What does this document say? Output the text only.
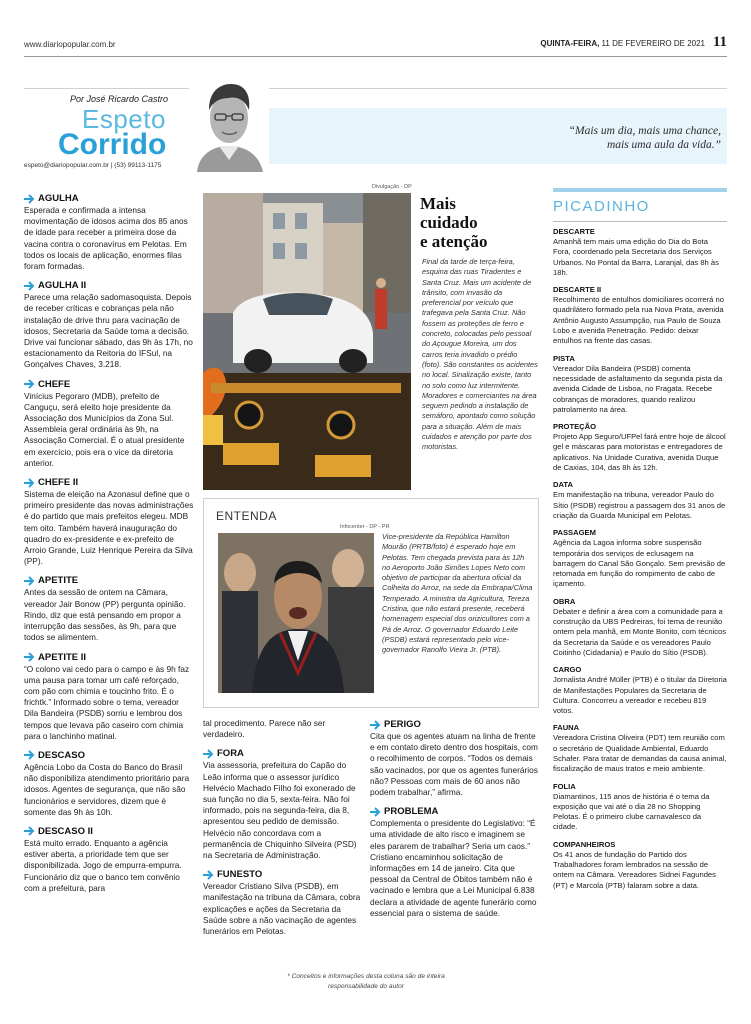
www.diariopopular.com.br	QUINTA-FEIRA, 11 DE FEVEREIRO DE 2021 11
Por José Ricardo Castro
Espeto
Corrido
espeto@diariopopular.com.br | (53) 99113-1175
“Mais um dia, mais uma chance,
mais uma aula da vida.”
AGULHA

Esperada e confirmada a intensa movimentação de idosos acima dos 85 anos de idade para receber a primeira dose da vacina contra o coronavírus em Pelotas. Em todos os locais de aplicação, enormes filas foram formadas.

AGULHA II

Parece uma relação sadomasoquista. Depois de receber críticas e cobranças pela não instalação de drive thru para vacinação de idosos, Secretaria da Saúde toma a decisão. Drive vai funcionar sábado, das 9h às 17h, no estacionamento da Reitoria do IFSul, na Gonçalves Chaves, 3.218.

CHEFE

Vinícius Pegoraro (MDB), prefeito de Canguçu, será eleito hoje presidente da Associação dos Municípios da Zona Sul. Assembleia geral ordinária às 9h, na Associação Comercial. É o atual presidente em exercício, pois era o vice da diretoria anterior.

CHEFE II

Sistema de eleição na Azonasul define que o primeiro presidente das novas administrações é do partido que mais prefeitos elegeu. MDB tem oito. Também haverá inauguração do quadro do ex-presidente e ex-prefeito de Arroio Grande, Luiz Henrique Pereira da Silva (PP).

APETITE

Antes da sessão de ontem na Câmara, vereador Jair Bonow (PP) pergunta opinião. Rindo, diz que está pensando em propor a interrupção das sessões, às 9h, para que todos se alimentem.

APETITE II

“O colono vai cedo para o campo e às 9h faz uma pausa para tomar um café reforçado, com pão com chimia e toucinho frito. É o frichtk.” Informado sobre o tema, vereador Dila Bandeira (PSDB) sorriu e lembrou dos tempos que levava pão caseiro com chimia para o lanchinho matinal.

DESCASO

Agência Lobo da Costa do Banco do Brasil não disponibiliza atendimento prioritário para idosos. Agentes de segurança, que não são funcionários e servidores, dizem que é somente das 9h às 10h.

DESCASO II

Está muito errado. Enquanto a agência estiver aberta, a prioridade tem que ser disponibilizada. Jogo de empurra-empurra. Funcionário diz que o banco tem convênio com a prefeitura, para

Divulgação - DP
Mais
cuidado
e atenção
Final da tarde de terça-feira, esquina das ruas Tiradentes e Santa Cruz. Mais um acidente de trânsito, com invasão da preferencial por veículo que trafegava pela Santa Cruz. Não fossem as proteções de ferro e concreto, colocadas pelo pessoal do Açougue Moreira, um dos carros teria invadido o prédio (foto). São constantes os acidentes no local. Sinalização existe, tanto no solo como luz intermitente. Moradores e comerciantes na área seguem pedindo a instalação de semáforo, apontado como solução para a situação. Além de mais cuidados e atenção por parte dos motoristas.
ENTENDA
Infocenter - DP - PR
Vice-presidente da República Hamilton Mourão (PRTB/foto) é esperado hoje em Pelotas. Tem chegada prevista para às 12h no Aeroporto João Simões Lopes Neto com objetivo de participar da abertura oficial da Colheita do Arroz, na sede da Embrapa/Clima Temperado. A ministra da Agricultura, Tereza Cristina, que não estará presente, receberá homenagem especial dos orizicultores com a Pá de Arroz. O governador Eduardo Leite (PSDB) estará representado pelo vice-governador Ranolfo Vieira Jr. (PTB).

tal procedimento. Parece não ser verdadeiro.

FORA

Via assessoria, prefeitura do Capão do Leão informa que o assessor jurídico Helvécio Machado Filho foi exonerado de sua função no dia 5, sexta-feira. Não foi informado, pois na segunda-feira, dia 8, apresentou seu pedido de demissão. Helvécio não concordava com a permanência de Chiquinho Silveira (PSD) na Secretaria de Administração.

FUNESTO

Vereador Cristiano Silva (PSDB), em manifestação na tribuna da Câmara, cobra explicações e ações da Secretaria da Saúde sobre a não vacinação de agentes funerários em Pelotas.

PERIGO

Cita que os agentes atuam na linha de frente e em contato direto dentro dos hospitais, com o recolhimento de corpos. “Todos os demais são vacinados, por que os agentes funerários não? Pessoas com mais de 60 anos não podem trabalhar,” afirma.

PROBLEMA

Complementa o presidente do Legislativo: “É uma atividade de alto risco e imaginem se eles pararem de trabalhar? Seria um caos.” Cristiano encaminhou solicitação de informações em 14 de janeiro. Cita que pessoal da Central de Óbitos também não é vacinado e lembra que a Lei Municipal 6.838 declara a atividade de agente funerário como essencial para o sistema de saúde.

* Conceitos e informações desta coluna são de inteira responsabilidade do autor
PICADINHO
DESCARTE

Amanhã tem mais uma edição do Dia do Bota Fora, coordenado pela Secretaria dos Serviços Urbanos. No Pontal da Barra, Laranjal, das 8h às 18h.

DESCARTE II

Recolhimento de entulhos domiciliares ocorrerá no quadrilátero formado pela rua Nova Prata, avenida Antônio Augusto Assumpção, rua Paulo de Souza Lobo e avenida Penetração. Pedido: deixar entulhos na frente das casas.

PISTA

Vereador Dila Bandeira (PSDB) comenta necessidade de asfaltamento da segunda pista da avenida Cidade de Lisboa, no Fragata. Recebe cobranças de moradores, quando realizou patrolamento na área.

PROTEÇÃO

Projeto App Seguro/UFPel fará entre hoje de álcool gel e máscaras para motoristas e entregadores de aplicativos. Na Unidade Curativa, avenida Duque de Caxias, 104, das 8h às 12h.

DATA

Em manifestação na tribuna, vereador Paulo do Sítio (PSDB) registrou a passagem dos 31 anos de criação da Guarda Municipal em Pelotas.

PASSAGEM

Agência da Lagoa informa sobre suspensão temporária dos serviços de eclusagem na barragem do Canal São Gonçalo. Sem previsão de retomada em função do rompimento de cabo de içamento.

OBRA

Debater e definir a área com a comunidade para a construção da UBS Pedreiras, foi tema de reunião ontem pela manhã, em Monte Bonito, com técnicos da Secretaria da Saúde e os vereadores Paulo Coitinho (Cidadania) e Paulo do Sítio (PSDB).

CARGO

Jornalista André Müller (PTB) é o titular da Diretoria de Manifestações Populares da Secretaria de Cultura. Concorreu a vereador e recebeu 819 votos.

FAUNA

Vereadora Cristina Oliveira (PDT) tem reunião com o secretário de Qualidade Ambiental, Eduardo Schafer. Para tratar de demandas da causa animal, fiscalização de maus tratos e meio ambiente.

FOLIA

Diamantinos, 115 anos de história é o tema da exposição que vai até o dia 28 no Shopping Pelotas. É o primeiro clube carnavalesco da cidade.

COMPANHEIROS

Os 41 anos de fundação do Partido dos Trabalhadores foram lembrados na sessão de ontem na Câmara. Vereadores Sidnei Fagundes (PT) e Marcola (PTB) falaram sobre a data.
